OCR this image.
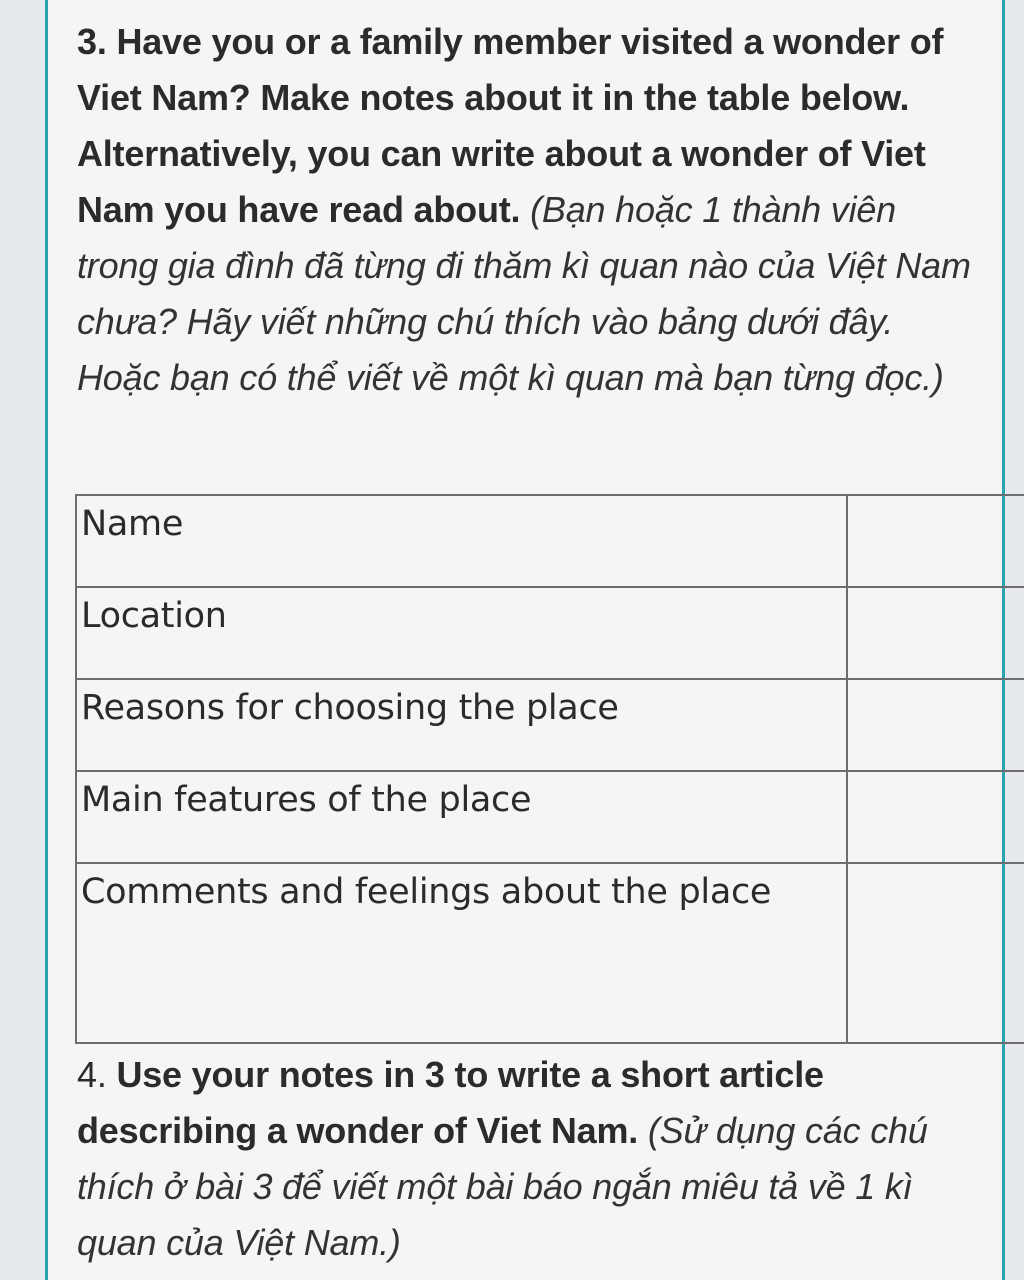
3. Have you or a family member visited a wonder of Viet Nam? Make notes about it in the table below. Alternatively, you can write about a wonder of Viet Nam you have read about. (Bạn hoặc 1 thành viên trong gia đình đã từng đi thăm kì quan nào của Việt Nam chưa? Hãy viết những chú thích vào bảng dưới đây. Hoặc bạn có thể viết về một kì quan mà bạn từng đọc.)
Name	
Location	
Reasons for choosing the place	
Main features of the place	
Comments and feelings about the place	
4. Use your notes in 3 to write a short article describing a wonder of Viet Nam. (Sử dụng các chú thích ở bài 3 để viết một bài báo ngắn miêu tả về 1 kì quan của Việt Nam.)
